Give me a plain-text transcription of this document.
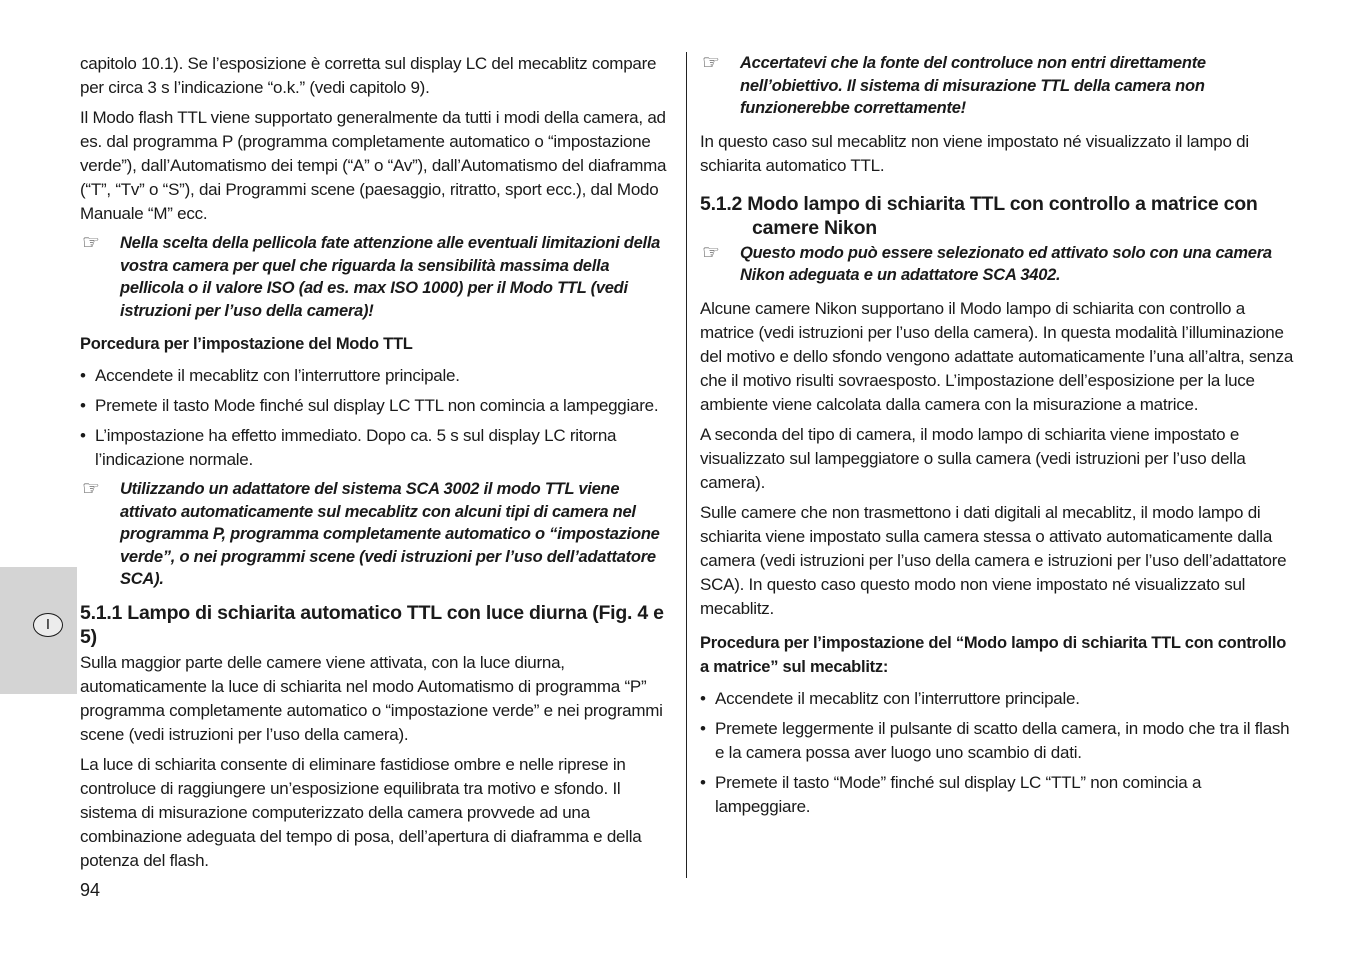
I

capitolo 10.1). Se l’esposizione è corretta sul display LC del mecablitz compare per circa 3 s l’indicazione “o.k.” (vedi capitolo 9).

Il Modo flash TTL viene supportato generalmente da tutti i modi della camera, ad es. dal programma P (programma completamente automatico o “impostazione verde”), dall’Automatismo dei tempi (“A” o “Av”), dall’Automatismo del diaframma (“T”, “Tv” o “S”), dai Programmi scene (paesaggio, ritratto, sport ecc.), dal Modo Manuale “M” ecc.

☞ Nella scelta della pellicola fate attenzione alle eventuali limitazioni della vostra camera per quel che riguarda la sensibilità massima della pellicola o il valore ISO (ad es. max ISO 1000) per il Modo TTL (vedi istruzioni per l’uso della camera)!
Porcedura per l’impostazione del Modo TTL
• Accendete il mecablitz con l’interruttore principale.
• Premete il tasto Mode finché sul display LC TTL non comincia a lampeggiare.
• L’impostazione ha effetto immediato. Dopo ca. 5 s sul display LC ritorna l’indicazione normale.
☞ Utilizzando un adattatore del sistema SCA 3002 il modo TTL viene attivato automaticamente sul mecablitz con alcuni tipi di camera nel programma P, programma completamente automatico o “impostazione verde”, o nei programmi scene (vedi istruzioni per l’uso dell’adattatore SCA).
5.1.1 Lampo di schiarita automatico TTL con luce diurna (Fig. 4 e 5)

Sulla maggior parte delle camere viene attivata, con la luce diurna, automaticamente la luce di schiarita nel modo Automatismo di programma “P” programma completamente automatico o “impostazione verde” e nei programmi scene (vedi istruzioni per l’uso della camera).

La luce di schiarita consente di eliminare fastidiose ombre e nelle riprese in controluce di raggiungere un’esposizione equilibrata tra motivo e sfondo. Il sistema di misurazione computerizzato della camera provvede ad una combinazione adeguata del tempo di posa, dell’apertura di diaframma e della potenza del flash.

☞ Accertatevi che la fonte del controluce non entri direttamente nell’obiettivo. Il sistema di misurazione TTL della camera non funzionerebbe correttamente!

In questo caso sul mecablitz non viene impostato né visualizzato il lampo di schiarita automatico TTL.

5.1.2 Modo lampo di schiarita TTL con controllo a matrice con camere Nikon
☞ Questo modo può essere selezionato ed attivato solo con una camera Nikon adeguata e un adattatore SCA 3402.

Alcune camere Nikon supportano il Modo lampo di schiarita con controllo a matrice (vedi istruzioni per l’uso della camera). In questa modalità l’illuminazione del motivo e dello sfondo vengono adattate automaticamente l’una all’altra, senza che il motivo risulti sovraesposto. L’impostazione dell’esposizione per la luce ambiente viene calcolata dalla camera con la misurazione a matrice.

A seconda del tipo di camera, il modo lampo di schiarita viene impostato e visualizzato sul lampeggiatore o sulla camera (vedi istruzioni per l’uso della camera).

Sulle camere che non trasmettono i dati digitali al mecablitz, il modo lampo di schiarita viene impostato sulla camera stessa o attivato automaticamente dalla camera (vedi istruzioni per l’uso della camera e istruzioni per l’uso dell’adattatore SCA). In questo caso questo modo non viene impostato né visualizzato sul mecablitz.

Procedura per l’impostazione del “Modo lampo di schiarita TTL con controllo a matrice” sul mecablitz:
• Accendete il mecablitz con l’interruttore principale.
• Premete leggermente il pulsante di scatto della camera, in modo che tra il flash e la camera possa aver luogo uno scambio di dati.
• Premete il tasto “Mode” finché sul display LC “TTL” non comincia a lampeggiare.
94
